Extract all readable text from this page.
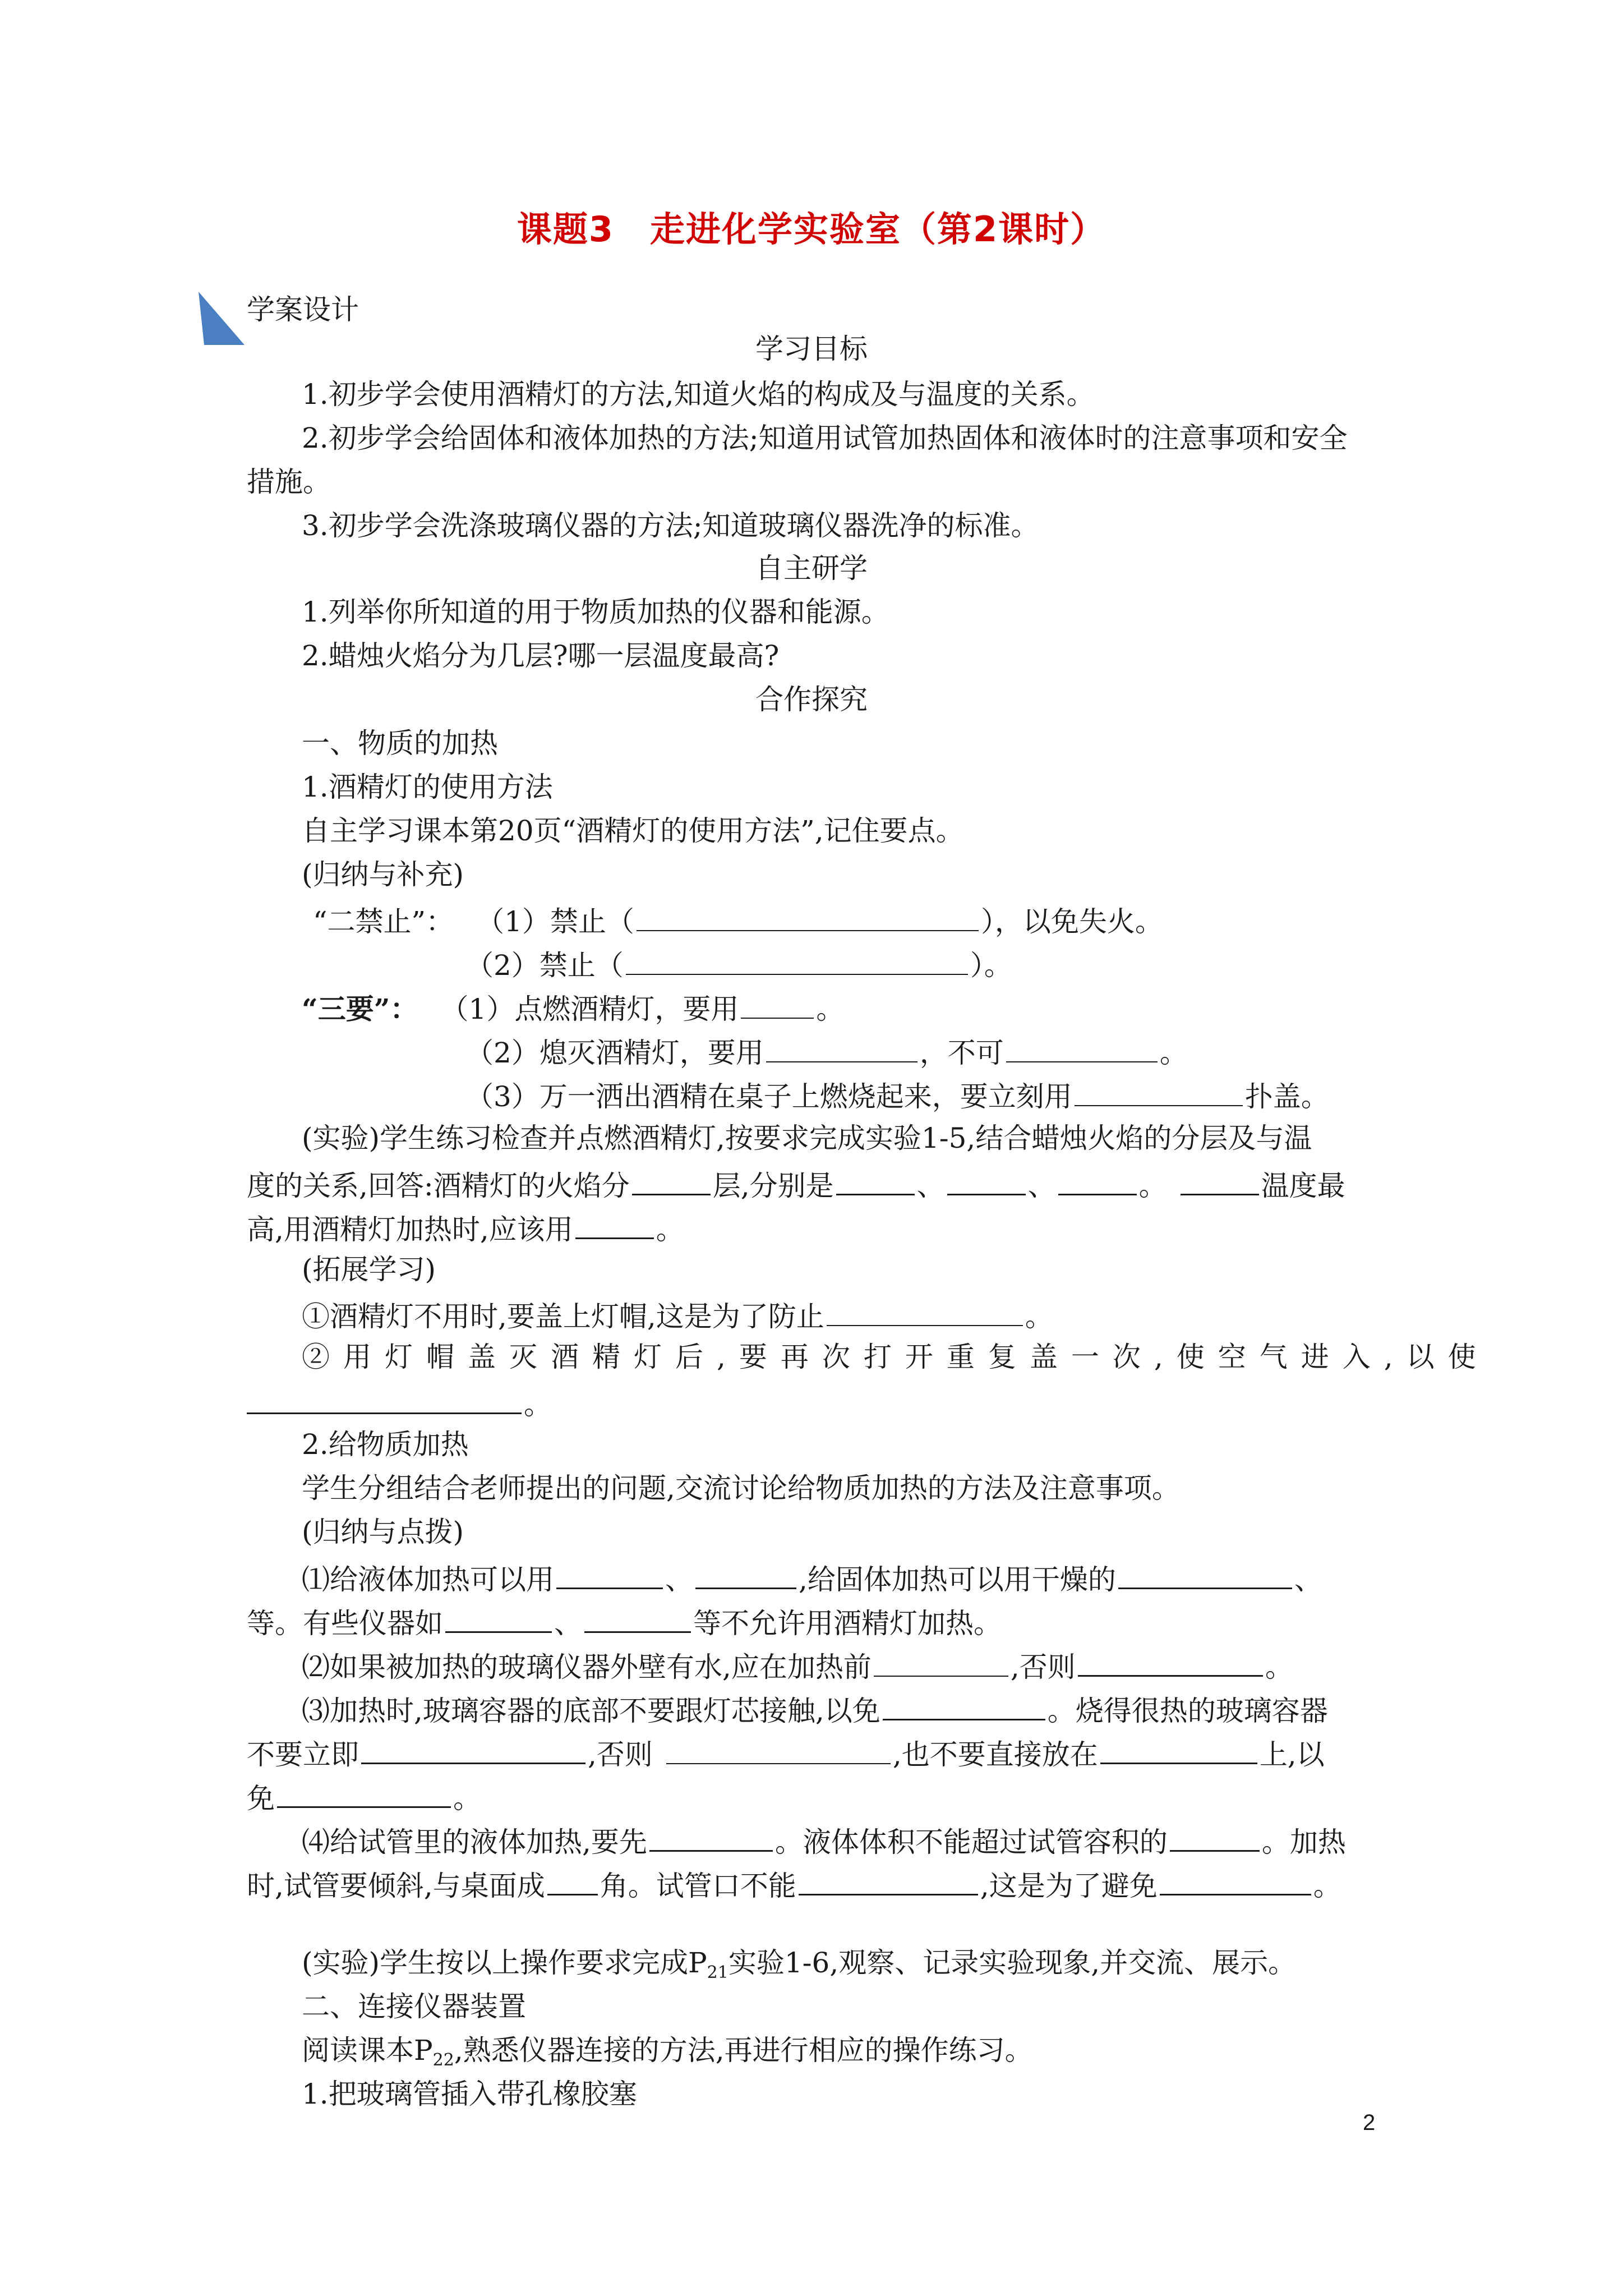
课题3　走进化学实验室（第2课时）
学案设计
学习目标
1.初步学会使用酒精灯的方法,知道火焰的构成及与温度的关系。
2.初步学会给固体和液体加热的方法;知道用试管加热固体和液体时的注意事项和安全
措施。
3.初步学会洗涤玻璃仪器的方法;知道玻璃仪器洗净的标准。
自主研学
1.列举你所知道的用于物质加热的仪器和能源。
2.蜡烛火焰分为几层?哪一层温度最高?
合作探究
一、物质的加热
1.酒精灯的使用方法
自主学习课本第20页“酒精灯的使用方法”,记住要点。
(归纳与补充)
“二禁止”： （1）禁止（	），以免失火。
（2）禁止（	）。
“三要”： （1）点燃酒精灯，要用	。
（2）熄灭酒精灯，要用	，不可	。
（3）万一洒出酒精在桌子上燃烧起来，要立刻用	扑盖。
(实验)学生练习检查并点燃酒精灯,按要求完成实验1-5,结合蜡烛火焰的分层及与温
度的关系,回答:酒精灯的火焰分	层,分别是	、	、	。	温度最
高,用酒精灯加热时,应该用	。
(拓展学习)
①酒精灯不用时,要盖上灯帽,这是为了防止	。
②用灯帽盖灭酒精灯后,要再次打开重复盖一次,使空气进入,以使
。
2.给物质加热
学生分组结合老师提出的问题,交流讨论给物质加热的方法及注意事项。
(归纳与点拨)
⑴给液体加热可以用	、	,给固体加热可以用干燥的	、
等。有些仪器如	、	等不允许用酒精灯加热。
⑵如果被加热的玻璃仪器外壁有水,应在加热前	,否则	。
⑶加热时,玻璃容器的底部不要跟灯芯接触,以免	。烧得很热的玻璃容器
不要立即	,否则	,也不要直接放在	上,以
免	。
⑷给试管里的液体加热,要先	。液体体积不能超过试管容积的	。加热
时,试管要倾斜,与桌面成 角。试管口不能	,这是为了避免	。
(实验)学生按以上操作要求完成$P_{21}$实验1-6,观察、记录实验现象,并交流、展示。
二、连接仪器装置
阅读课本$P_{22}$,熟悉仪器连接的方法,再进行相应的操作练习。
1.把玻璃管插入带孔橡胶塞
2
